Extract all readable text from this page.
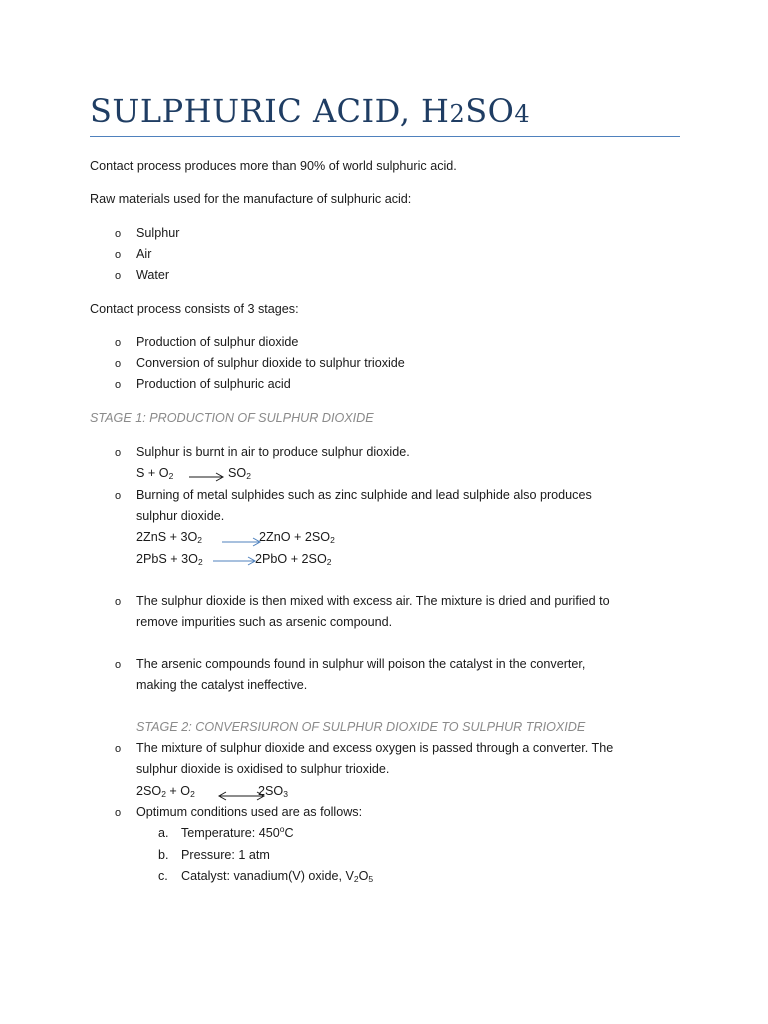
SULPHURIC ACID, H2SO4
Contact process produces more than 90% of world sulphuric acid.
Raw materials used for the manufacture of sulphuric acid:
o Sulphur
o Air
o Water
Contact process consists of 3 stages:
o Production of sulphur dioxide
o Conversion of sulphur dioxide to sulphur trioxide
o Production of sulphuric acid
STAGE 1: PRODUCTION OF SULPHUR DIOXIDE
o Sulphur is burnt in air to produce sulphur dioxide.
$S + O_2 \to SO_2$
o Burning of metal sulphides such as zinc sulphide and lead sulphide also produces
sulphur dioxide.
$2ZnS + 3O_2$	$2ZnO + 2SO_2$
$2PbS + 3O_2$ →
$2PbO + 2SO_2$
o The sulphur dioxide is then mixed with excess air. The mixture is dried and purified to
remove impurities such as arsenic compound.
o The arsenic compounds found in sulphur will poison the catalyst in the converter,
making the catalyst ineffective.
STAGE 2: CONVERSIURON OF SULPHUR DIOXIDE TO SULPHUR TRIOXIDE
o The mixture of sulphur dioxide and excess oxygen is passed through a converter. The
sulphur dioxide is oxidised to sulphur trioxide.
$2SO_2 + O_2$	$2SO_3$
o Optimum conditions used are as follows:
a. Temperature: 450$^o$C
b. Pressure: 1 atm
c. Catalyst: vanadium(V) oxide, $V_2O_5$
